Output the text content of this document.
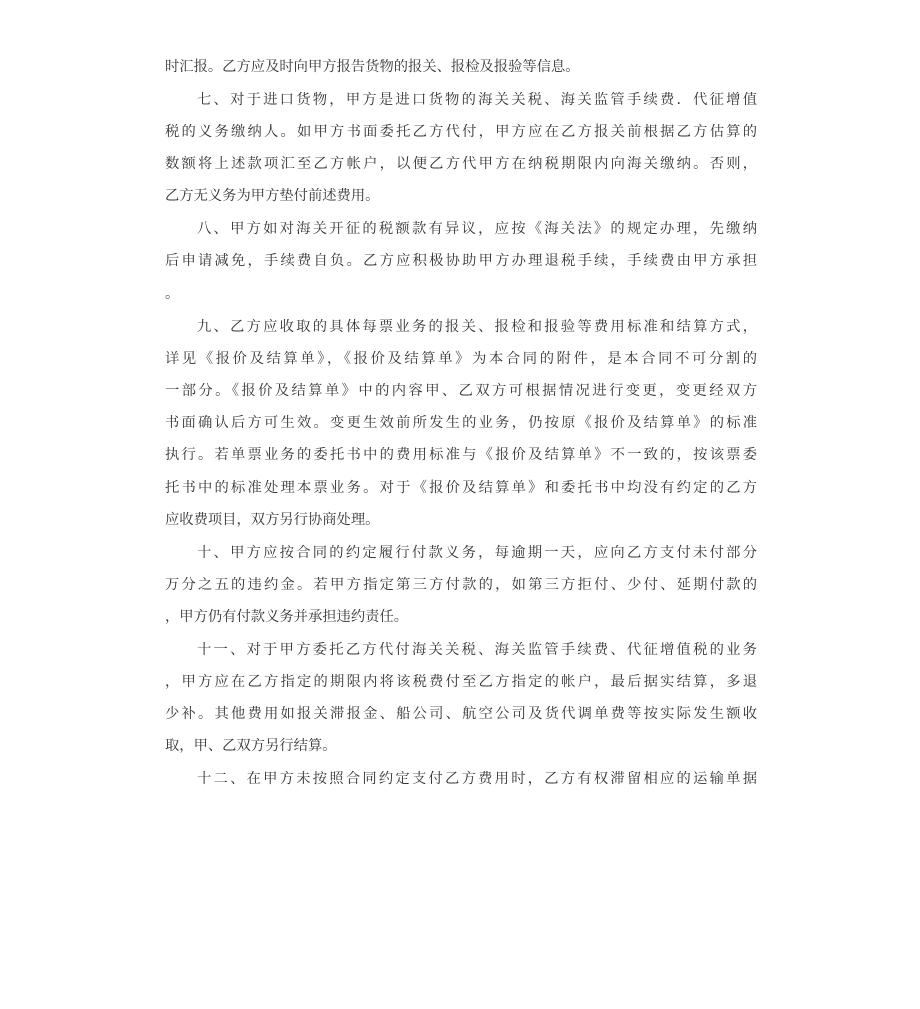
时汇报。乙方应及时向甲方报告货物的报关、报检及报验等信息。
七、对于进口货物，甲方是进口货物的海关关税、海关监管手续费．代征增值
税的义务缴纳人。如甲方书面委托乙方代付，甲方应在乙方报关前根据乙方估算的
数额将上述款项汇至乙方帐户，以便乙方代甲方在纳税期限内向海关缴纳。否则，
乙方无义务为甲方垫付前述费用。
八、甲方如对海关开征的税额款有异议，应按《海关法》的规定办理，先缴纳
后申请减免，手续费自负。乙方应积极协助甲方办理退税手续，手续费由甲方承担
。
九、乙方应收取的具体每票业务的报关、报检和报验等费用标准和结算方式，
详见《报价及结算单》，《报价及结算单》为本合同的附件，是本合同不可分割的
一部分。《报价及结算单》中的内容甲、乙双方可根据情况进行变更，变更经双方
书面确认后方可生效。变更生效前所发生的业务，仍按原《报价及结算单》的标准
执行。若单票业务的委托书中的费用标准与《报价及结算单》不一致的，按该票委
托书中的标准处理本票业务。对于《报价及结算单》和委托书中均没有约定的乙方
应收费项目，双方另行协商处理。
十、甲方应按合同的约定履行付款义务，每逾期一天，应向乙方支付未付部分
万分之五的违约金。若甲方指定第三方付款的，如第三方拒付、少付、延期付款的
，甲方仍有付款义务并承担违约责任。
十一、对于甲方委托乙方代付海关关税、海关监管手续费、代征增值税的业务
，甲方应在乙方指定的期限内将该税费付至乙方指定的帐户，最后据实结算，多退
少补。其他费用如报关滞报金、船公司、航空公司及货代调单费等按实际发生额收
取，甲、乙双方另行结算。
十二、在甲方未按照合同约定支付乙方费用时，乙方有权滞留相应的运输单据
